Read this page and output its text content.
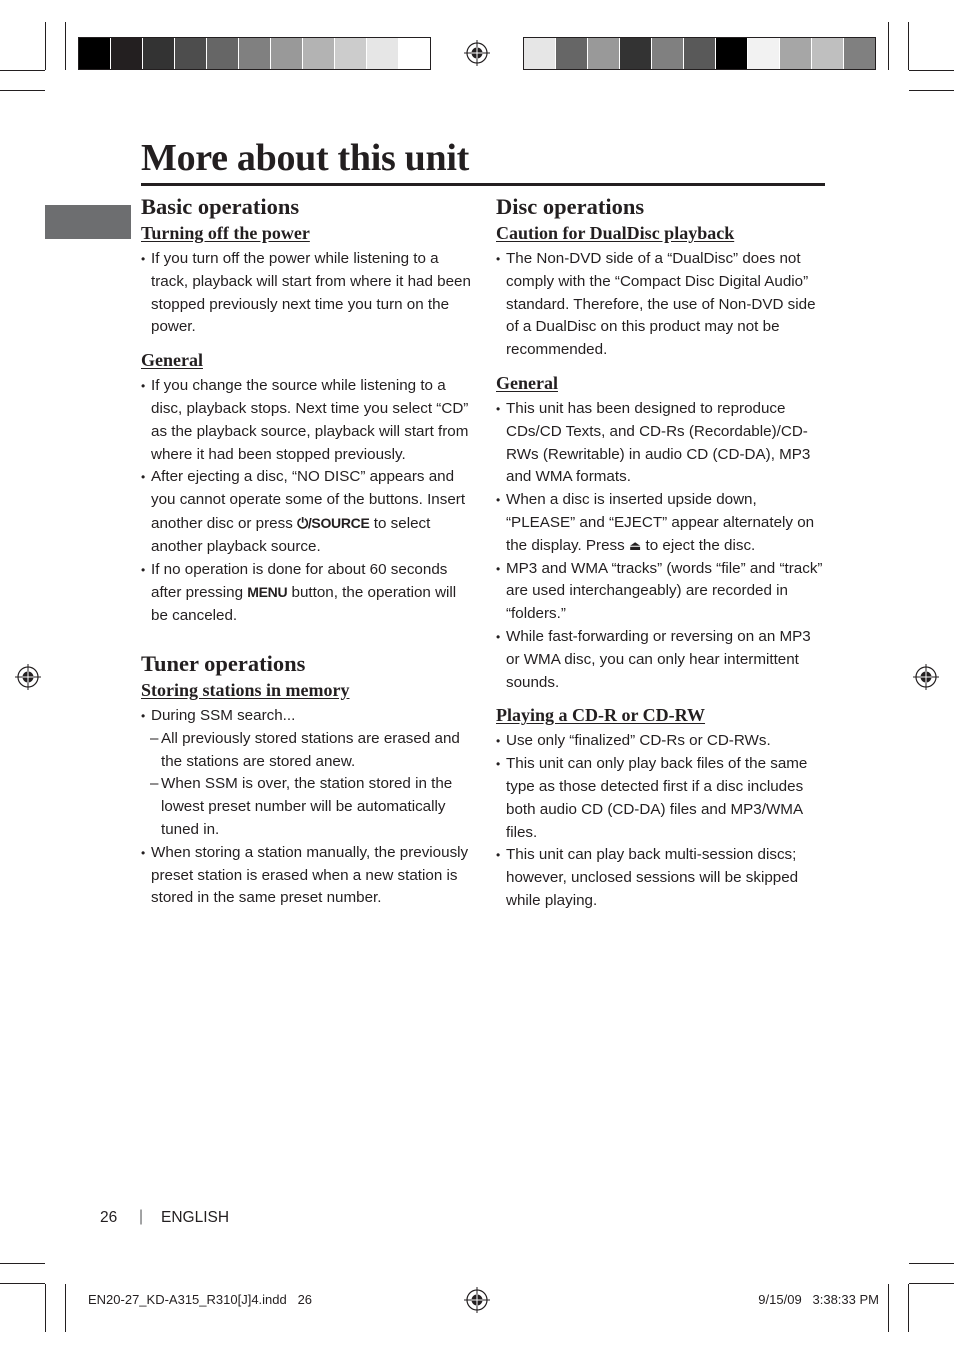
More about this unit
Basic operations
Turning off the power
• If you turn off the power while listening to a track, playback will start from where it had been stopped previously next time you turn on the power.
General
• If you change the source while listening to a disc, playback stops. Next time you select “CD” as the playback source, playback will start from where it had been stopped previously.
• After ejecting a disc, “NO DISC” appears and you cannot operate some of the buttons. Insert another disc or press ⏻/SOURCE to select another playback source.
• If no operation is done for about 60 seconds after pressing MENU button, the operation will be canceled.
Tuner operations
Storing stations in memory
• During SSM search...
– All previously stored stations are erased and the stations are stored anew.
– When SSM is over, the station stored in the lowest preset number will be automatically tuned in.
• When storing a station manually, the previously preset station is erased when a new station is stored in the same preset number.
Disc operations
Caution for DualDisc playback
• The Non-DVD side of a “DualDisc” does not comply with the “Compact Disc Digital Audio” standard. Therefore, the use of Non-DVD side of a DualDisc on this product may not be recommended.
General
• This unit has been designed to reproduce CDs/CD Texts, and CD-Rs (Recordable)/CD-RWs (Rewritable) in audio CD (CD-DA), MP3 and WMA formats.
• When a disc is inserted upside down, “PLEASE” and “EJECT” appear alternately on the display. Press ⏏ to eject the disc.
• MP3 and WMA “tracks” (words “file” and “track” are used interchangeably) are recorded in “folders.”
• While fast-forwarding or reversing on an MP3 or WMA disc, you can only hear intermittent sounds.
Playing a CD-R or CD-RW
• Use only “finalized” CD-Rs or CD-RWs.
• This unit can only play back files of the same type as those detected first if a disc includes both audio CD (CD-DA) files and MP3/WMA files.
• This unit can play back multi-session discs; however, unclosed sessions will be skipped while playing.
26 | ENGLISH
EN20-27_KD-A315_R310[J]4.indd   26	9/15/09   3:38:33 PM
